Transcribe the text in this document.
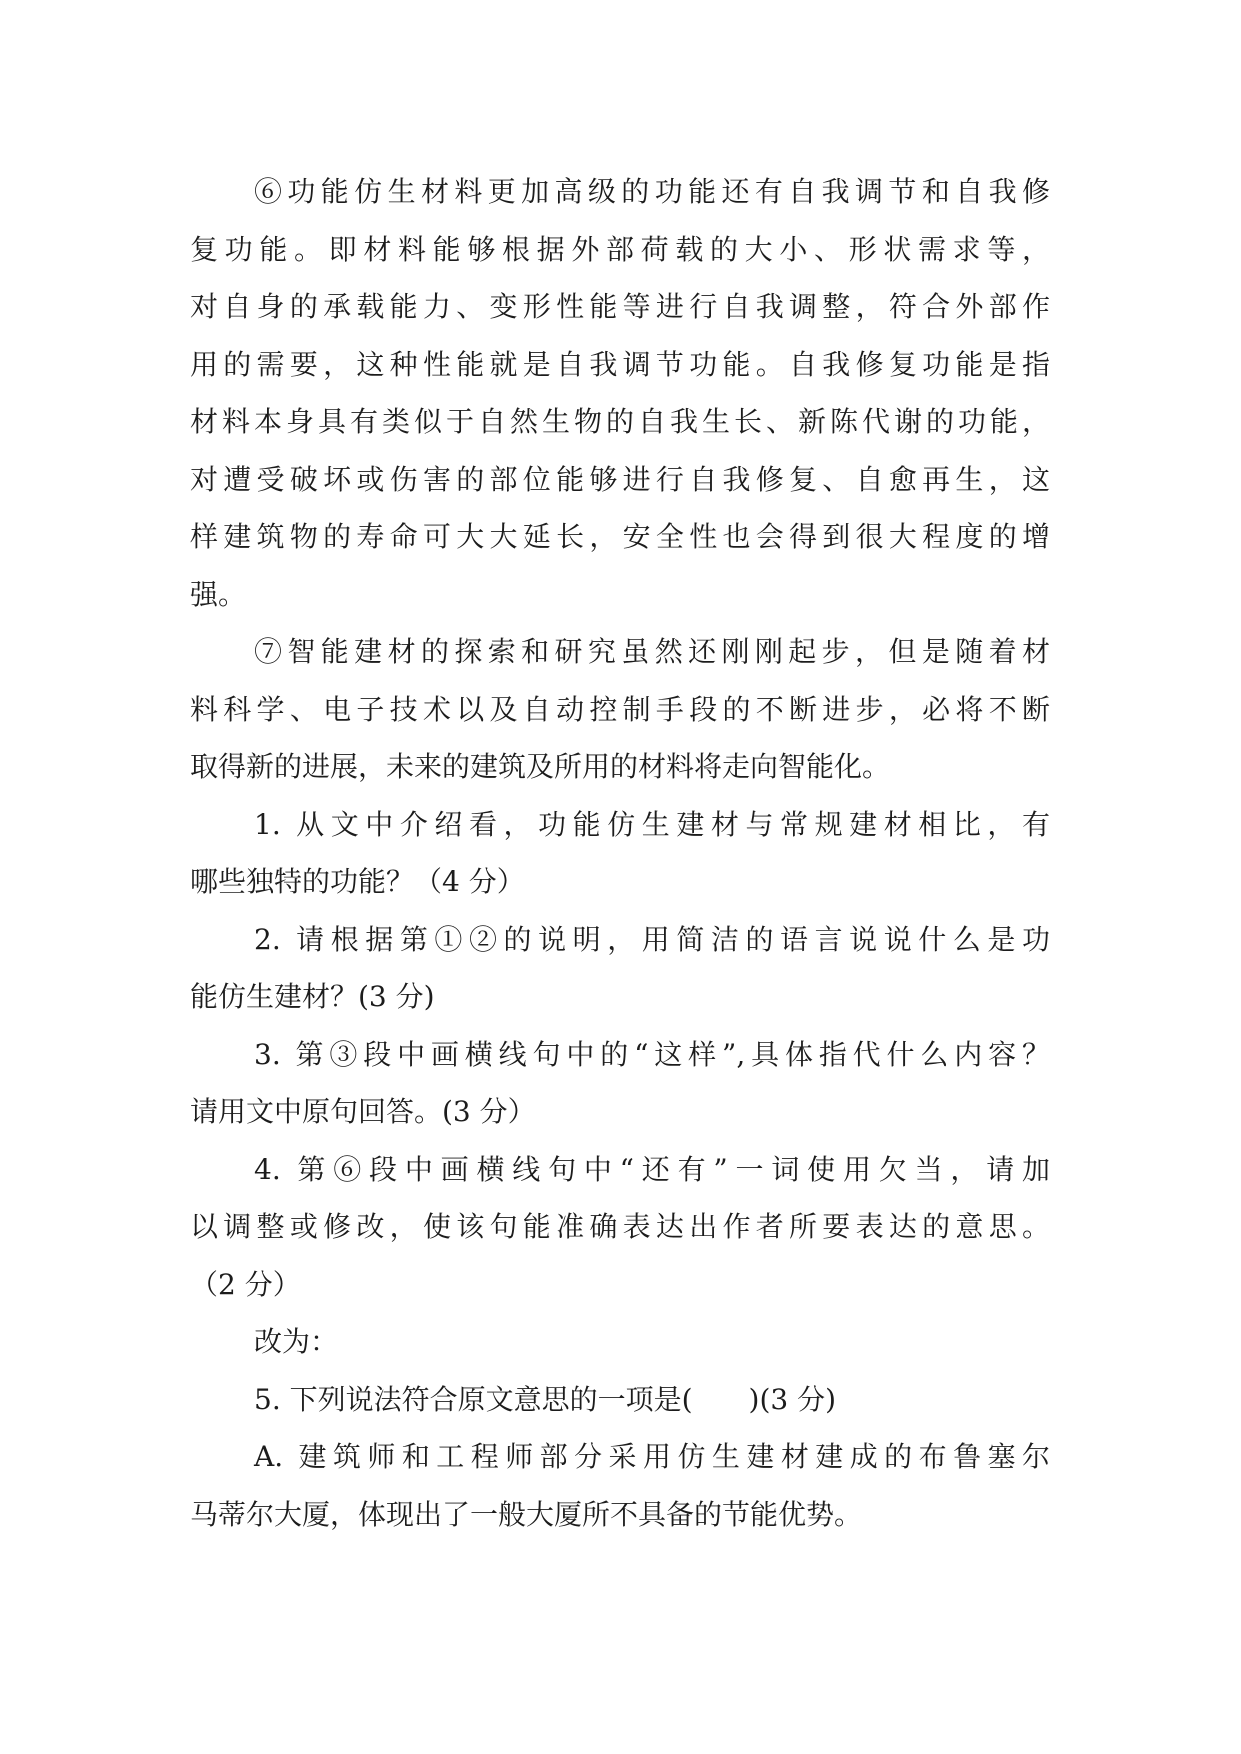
⑥功能仿生材料更加高级的功能还有自我调节和自我修
复功能。即材料能够根据外部荷载的大小、形状需求等，
对自身的承载能力、变形性能等进行自我调整，符合外部作
用的需要，这种性能就是自我调节功能。自我修复功能是指
材料本身具有类似于自然生物的自我生长、新陈代谢的功能，
对遭受破坏或伤害的部位能够进行自我修复、自愈再生，这
样建筑物的寿命可大大延长，安全性也会得到很大程度的增
强。
⑦智能建材的探索和研究虽然还刚刚起步，但是随着材
料科学、电子技术以及自动控制手段的不断进步，必将不断
取得新的进展，未来的建筑及所用的材料将走向智能化。
1. 从文中介绍看，功能仿生建材与常规建材相比，有
哪些独特的功能？（4 分）
2. 请根据第①②的说明，用简洁的语言说说什么是功
能仿生建材？(3 分)
3. 第③段中画横线句中的“这样”,具体指代什么内容？
请用文中原句回答。(3 分）
4. 第⑥段中画横线句中“还有”一词使用欠当，请加
以调整或修改，使该句能准确表达出作者所要表达的意思。
（2 分）
改为：
5. 下列说法符合原文意思的一项是(　　)(3 分)
A. 建筑师和工程师部分采用仿生建材建成的布鲁塞尔
马蒂尔大厦，体现出了一般大厦所不具备的节能优势。
